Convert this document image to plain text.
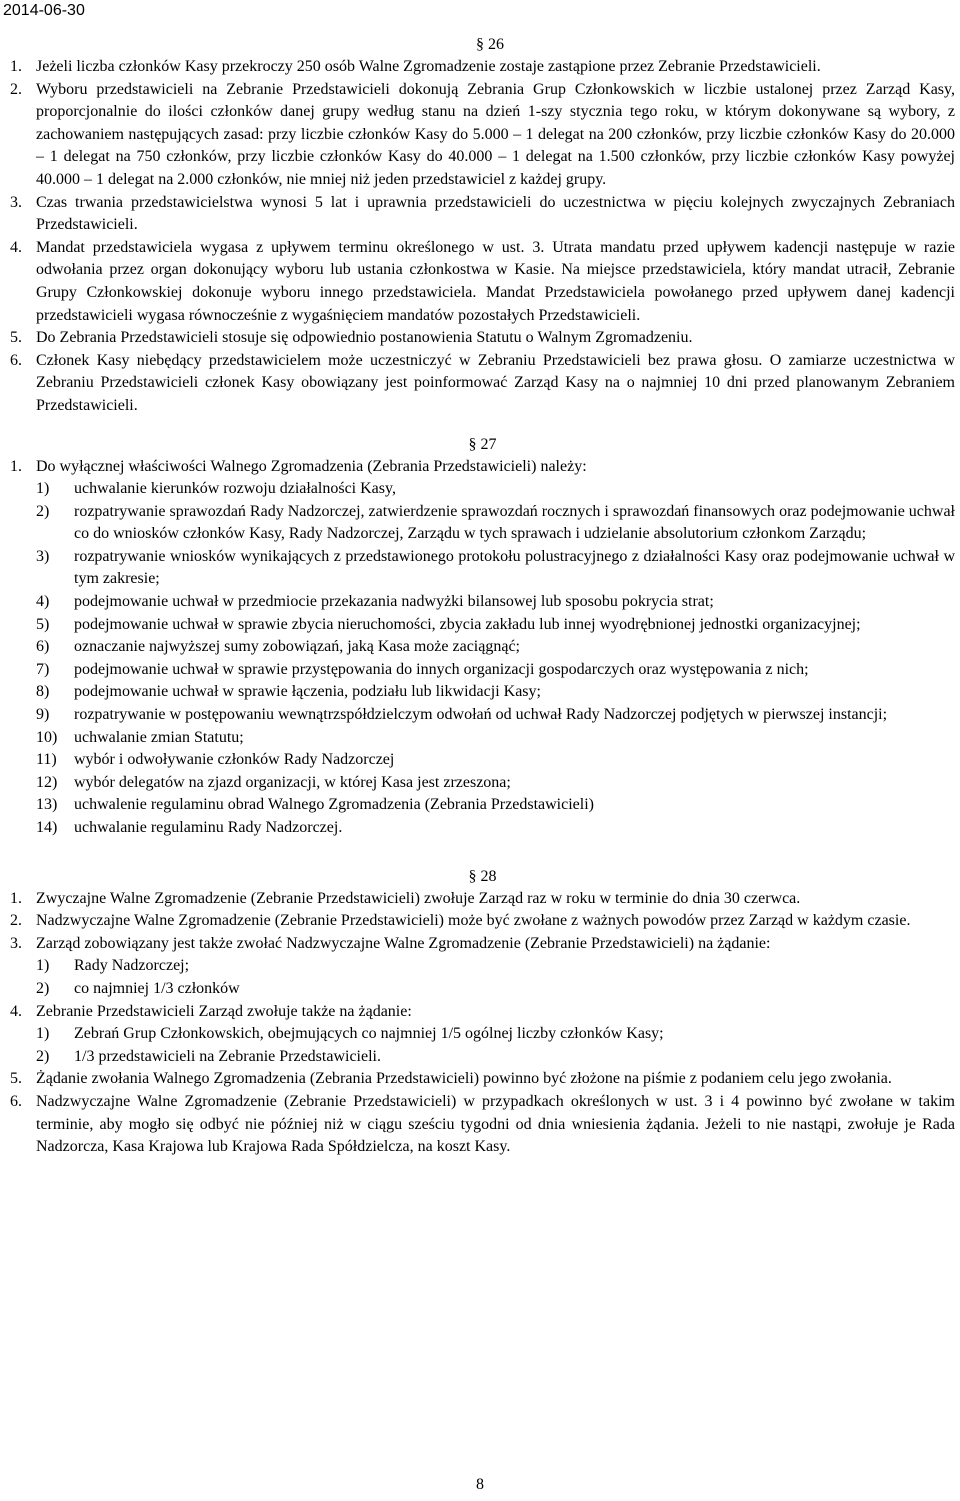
2014-06-30
§ 26
1. Jeżeli liczba członków Kasy przekroczy 250 osób Walne Zgromadzenie zostaje zastąpione przez Zebranie Przedstawicieli.
2. Wyboru przedstawicieli na Zebranie Przedstawicieli dokonują Zebrania Grup Członkowskich w liczbie ustalonej przez Zarząd Kasy, proporcjonalnie do ilości członków danej grupy według stanu na dzień 1-szy stycznia tego roku, w którym dokonywane są wybory, z zachowaniem następujących zasad: przy liczbie członków Kasy do 5.000 – 1 delegat na 200 członków, przy liczbie członków Kasy do 20.000 – 1 delegat na 750 członków, przy liczbie członków Kasy do 40.000 – 1 delegat na 1.500 członków, przy liczbie członków Kasy powyżej 40.000 – 1 delegat na 2.000 członków, nie mniej niż jeden przedstawiciel z każdej grupy.
3. Czas trwania przedstawicielstwa wynosi 5 lat i uprawnia przedstawicieli do uczestnictwa w pięciu kolejnych zwyczajnych Zebraniach Przedstawicieli.
4. Mandat przedstawiciela wygasa z upływem terminu określonego w ust. 3. Utrata mandatu przed upływem kadencji następuje w razie odwołania przez organ dokonujący wyboru lub ustania członkostwa w Kasie. Na miejsce przedstawiciela, który mandat utracił, Zebranie Grupy Członkowskiej dokonuje wyboru innego przedstawiciela. Mandat Przedstawiciela powołanego przed upływem danej kadencji przedstawicieli wygasa równocześnie z wygaśnięciem mandatów pozostałych Przedstawicieli.
5. Do Zebrania Przedstawicieli stosuje się odpowiednio postanowienia Statutu o Walnym Zgromadzeniu.
6. Członek Kasy niebędący przedstawicielem może uczestniczyć w Zebraniu Przedstawicieli bez prawa głosu. O zamiarze uczestnictwa w Zebraniu Przedstawicieli członek Kasy obowiązany jest poinformować Zarząd Kasy na o najmniej 10 dni przed planowanym Zebraniem Przedstawicieli.
§ 27
1. Do wyłącznej właściwości Walnego Zgromadzenia (Zebrania Przedstawicieli) należy:
1) uchwalanie kierunków rozwoju działalności Kasy,
2) rozpatrywanie sprawozdań Rady Nadzorczej, zatwierdzenie sprawozdań rocznych i sprawozdań finansowych oraz podejmowanie uchwał co do wniosków członków Kasy, Rady Nadzorczej, Zarządu w tych sprawach i udzielanie absolutorium członkom Zarządu;
3) rozpatrywanie wniosków wynikających z przedstawionego protokołu polustracyjnego z działalności Kasy oraz podejmowanie uchwał w tym zakresie;
4) podejmowanie uchwał w przedmiocie przekazania nadwyżki bilansowej lub sposobu pokrycia strat;
5) podejmowanie uchwał w sprawie zbycia nieruchomości, zbycia zakładu lub innej wyodrębnionej jednostki organizacyjnej;
6) oznaczanie najwyższej sumy zobowiązań, jaką Kasa może zaciągnąć;
7) podejmowanie uchwał w sprawie przystępowania do innych organizacji gospodarczych oraz występowania z nich;
8) podejmowanie uchwał w sprawie łączenia, podziału lub likwidacji Kasy;
9) rozpatrywanie w postępowaniu wewnątrzspółdzielczym odwołań od uchwał Rady Nadzorczej podjętych w pierwszej instancji;
10) uchwalanie zmian Statutu;
11) wybór i odwoływanie członków Rady Nadzorczej
12) wybór delegatów na zjazd organizacji, w której Kasa jest zrzeszona;
13) uchwalenie regulaminu obrad Walnego Zgromadzenia (Zebrania Przedstawicieli)
14) uchwalanie regulaminu Rady Nadzorczej.
§ 28
1. Zwyczajne Walne Zgromadzenie (Zebranie Przedstawicieli) zwołuje Zarząd raz w roku w terminie do dnia 30 czerwca.
2. Nadzwyczajne Walne Zgromadzenie (Zebranie Przedstawicieli) może być zwołane z ważnych powodów przez Zarząd w każdym czasie.
3. Zarząd zobowiązany jest także zwołać Nadzwyczajne Walne Zgromadzenie (Zebranie Przedstawicieli) na żądanie:
1) Rady Nadzorczej;
2) co najmniej 1/3 członków
4. Zebranie Przedstawicieli Zarząd zwołuje także na żądanie:
1) Zebrań Grup Członkowskich, obejmujących co najmniej 1/5 ogólnej liczby członków Kasy;
2) 1/3 przedstawicieli na Zebranie Przedstawicieli.
5. Żądanie zwołania Walnego Zgromadzenia (Zebrania Przedstawicieli) powinno być złożone na piśmie z podaniem celu jego zwołania.
6. Nadzwyczajne Walne Zgromadzenie (Zebranie Przedstawicieli) w przypadkach określonych w ust. 3 i 4 powinno być zwołane w takim terminie, aby mogło się odbyć nie później niż w ciągu sześciu tygodni od dnia wniesienia żądania. Jeżeli to nie nastąpi, zwołuje je Rada Nadzorcza, Kasa Krajowa lub Krajowa Rada Spółdzielcza, na koszt Kasy.
8
